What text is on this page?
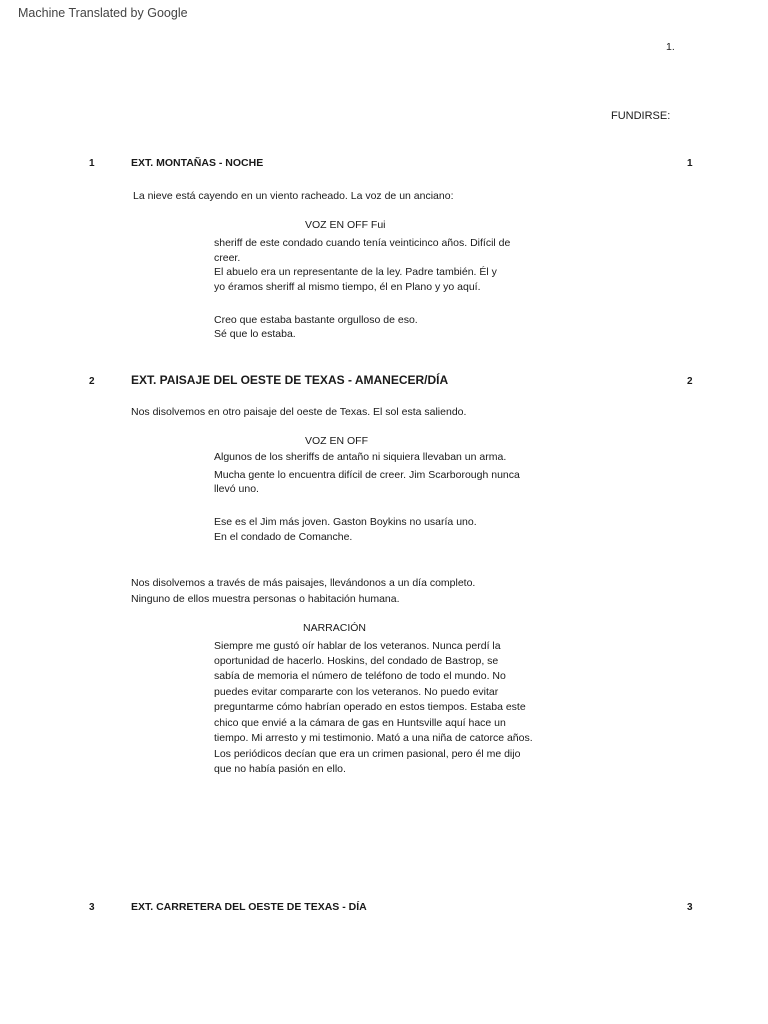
Machine Translated by Google
1.
FUNDIRSE:
1	EXT. MONTAÑAS - NOCHE	1
La nieve está cayendo en un viento racheado. La voz de un anciano:
VOZ EN OFF Fui
sheriff de este condado cuando tenía veinticinco años. Difícil de
creer.
El abuelo era un representante de la ley. Padre también. Él y
yo éramos sheriff al mismo tiempo, él en Plano y yo aquí.
Creo que estaba bastante orgulloso de eso.
Sé que lo estaba.
2	EXT. PAISAJE DEL OESTE DE TEXAS - AMANECER/DÍA	2
Nos disolvemos en otro paisaje del oeste de Texas. El sol esta saliendo.
VOZ EN OFF
Algunos de los sheriffs de antaño ni siquiera llevaban un arma.
Mucha gente lo encuentra difícil de creer. Jim Scarborough nunca
llevó uno.
Ese es el Jim más joven. Gaston Boykins no usaría uno.
En el condado de Comanche.
Nos disolvemos a través de más paisajes, llevándonos a un día completo.
Ninguno de ellos muestra personas o habitación humana.
NARRACIÓN
Siempre me gustó oír hablar de los veteranos. Nunca perdí la
oportunidad de hacerlo. Hoskins, del condado de Bastrop, se
sabía de memoria el número de teléfono de todo el mundo. No
puedes evitar compararte con los veteranos. No puedo evitar
preguntarme cómo habrían operado en estos tiempos. Estaba este
chico que envié a la cámara de gas en Huntsville aquí hace un
tiempo. Mi arresto y mi testimonio. Mató a una niña de catorce años.
Los periódicos decían que era un crimen pasional, pero él me dijo
que no había pasión en ello.
3	EXT. CARRETERA DEL OESTE DE TEXAS - DÍA	3
